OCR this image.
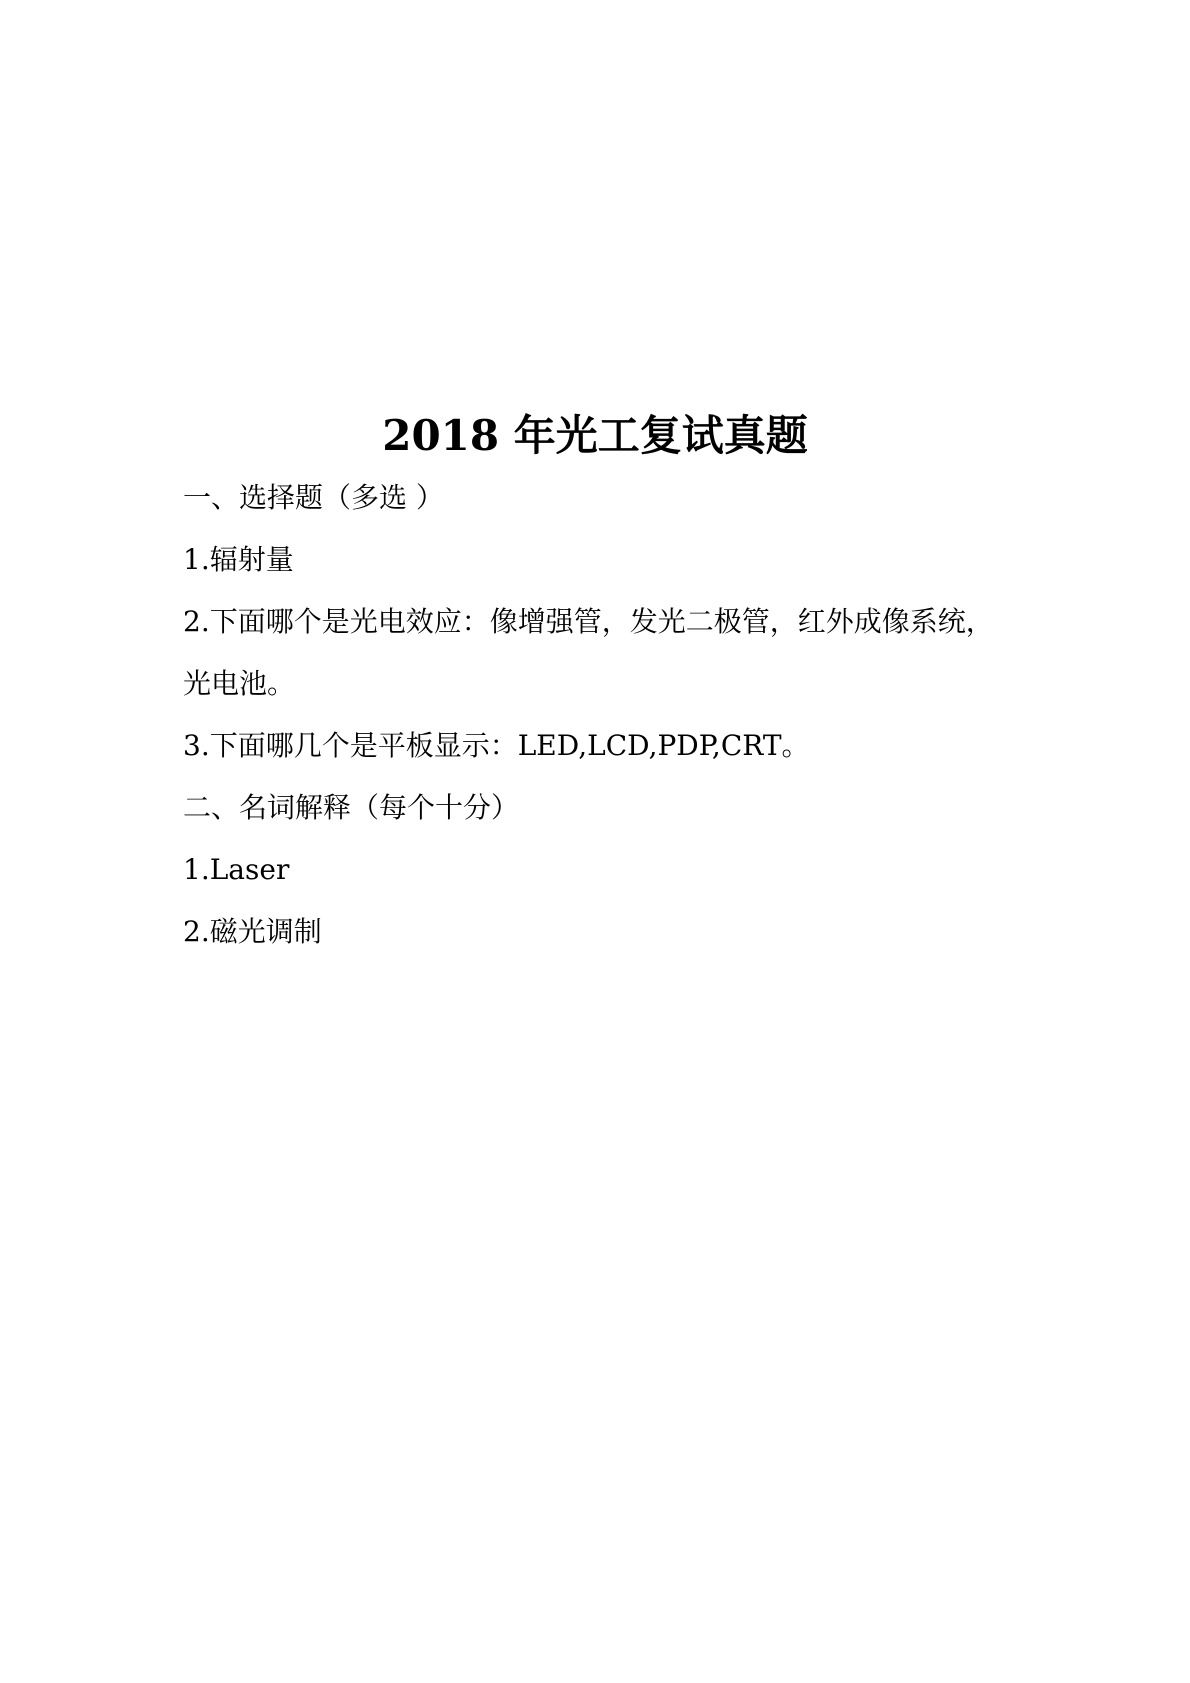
2018 年光工复试真题
一、选择题（多选 ）
1.辐射量
2.下面哪个是光电效应：像增强管，发光二极管，红外成像系统，
光电池。
3.下面哪几个是平板显示：LED,LCD,PDP,CRT。
二、名词解释（每个十分）
1.Laser
2.磁光调制
